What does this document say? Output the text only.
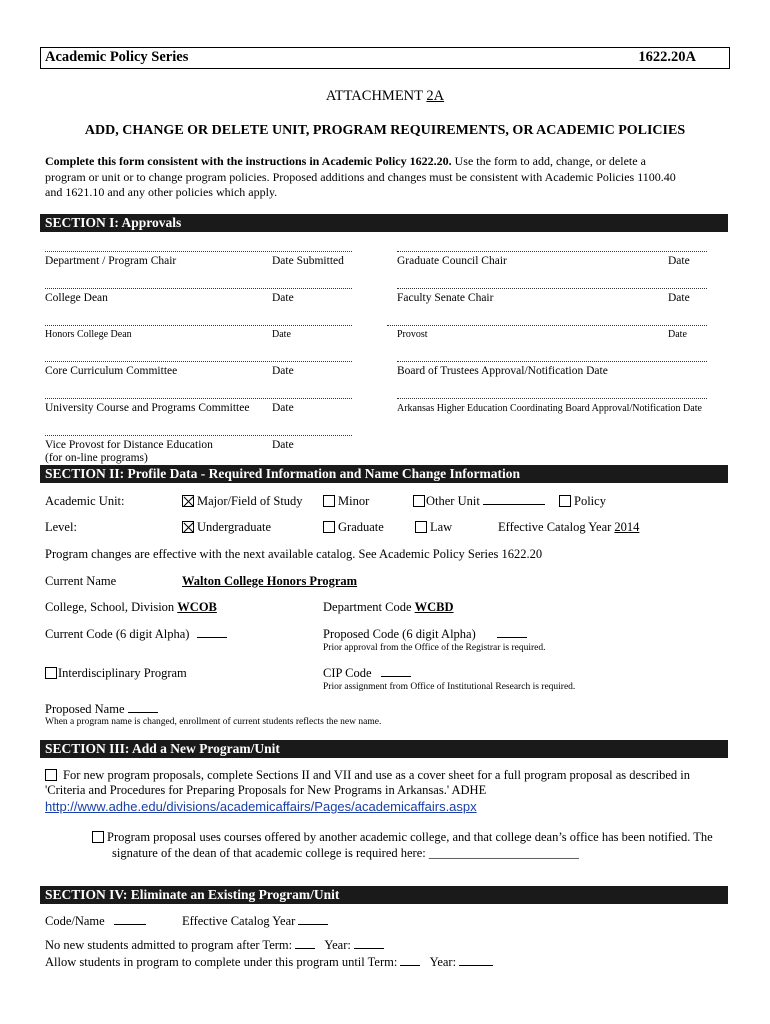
Academic Policy Series	1622.20A
ATTACHMENT 2A
ADD, CHANGE OR DELETE UNIT, PROGRAM REQUIREMENTS, OR ACADEMIC POLICIES
Complete this form consistent with the instructions in Academic Policy 1622.20. Use the form to add, change, or delete a
program or unit or to change program policies. Proposed additions and changes must be consistent with Academic Policies 1100.40
and 1621.10 and any other policies which apply.
SECTION I: Approvals
Department / Program Chair	Date Submitted
College Dean	Date
Honors College Dean	Date
Core Curriculum Committee	Date
University Course and Programs Committee Date
Vice Provost for Distance Education
(for on-line programs)
Date
Graduate Council Chair	Date
Faculty Senate Chair	Date
Provost	Date
Board of Trustees Approval/Notification Date
Arkansas Higher Education Coordinating Board Approval/Notification Date
SECTION II: Profile Data - Required Information and Name Change Information
Academic Unit:	Major/Field of Study	Minor	Other Unit	Policy
Level:	Undergraduate	Graduate	Law	Effective Catalog Year 2014
Program changes are effective with the next available catalog. See Academic Policy Series 1622.20
Current Name	Walton College Honors Program
College, School, Division WCOB	Department Code WCBD
Current Code (6 digit Alpha)	Proposed Code (6 digit Alpha)
Prior approval from the Office of the Registrar is required.
Interdisciplinary Program	CIP Code
Prior assignment from Office of Institutional Research is required.
Proposed Name
When a program name is changed, enrollment of current students reflects the new name.
SECTION III: Add a New Program/Unit
For new program proposals, complete Sections II and VII and use as a cover sheet for a full program proposal as described in
'Criteria and Procedures for Preparing Proposals for New Programs in Arkansas.' ADHE
http://www.adhe.edu/divisions/academicaffairs/Pages/academicaffairs.aspx
Program proposal uses courses offered by another academic college, and that college dean’s office has been notified. The
signature of the dean of that academic college is required here: ________________________
SECTION IV: Eliminate an Existing Program/Unit
Code/Name	Effective Catalog Year
No new students admitted to program after Term:	Year:
Allow students in program to complete under this program until Term:	Year:
